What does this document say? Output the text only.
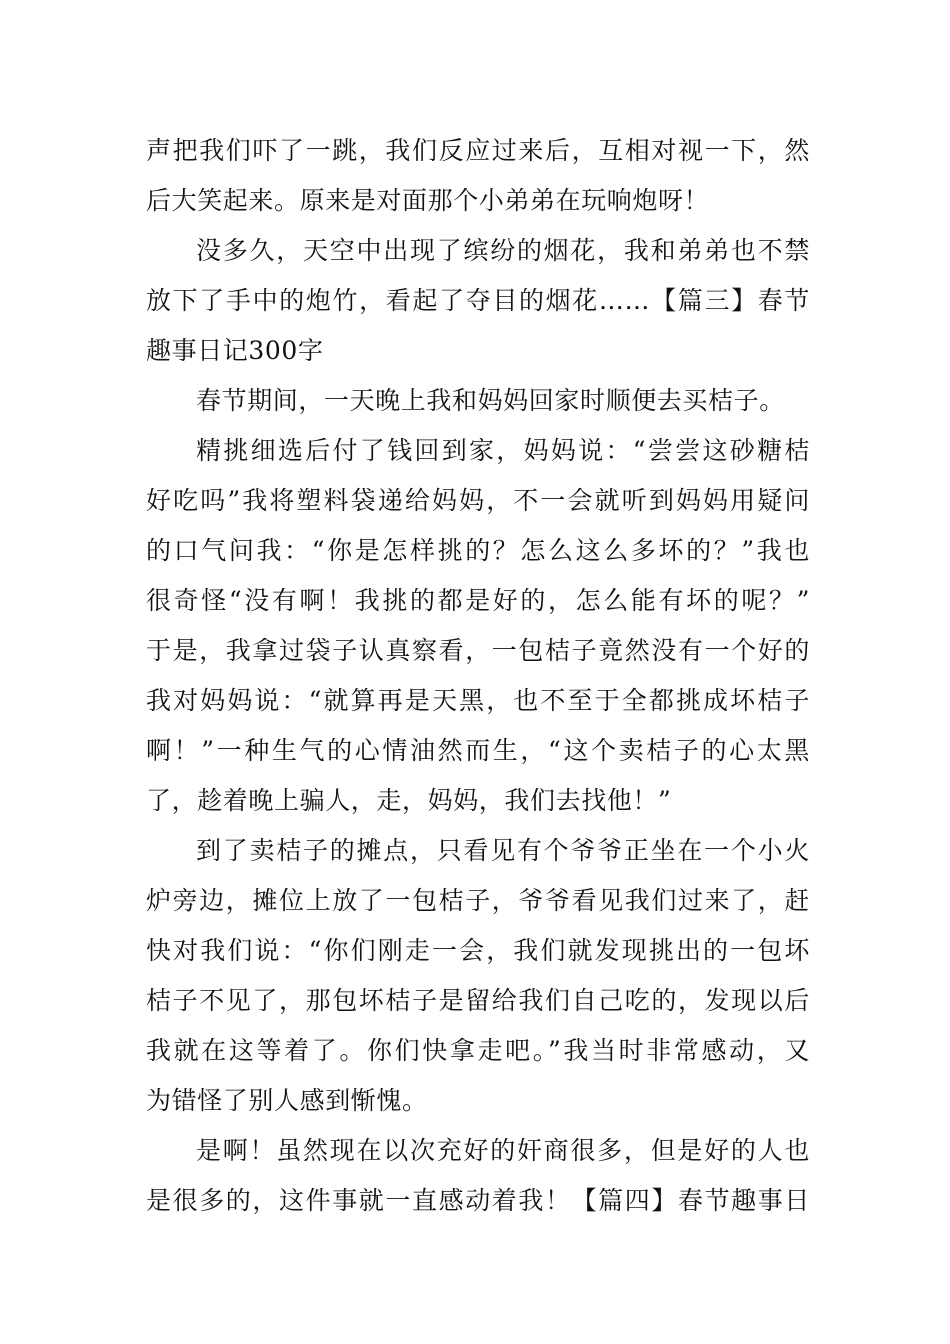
声把我们吓了一跳，我们反应过来后，互相对视一下，然
后大笑起来。原来是对面那个小弟弟在玩响炮呀！
没多久，天空中出现了缤纷的烟花，我和弟弟也不禁
放下了手中的炮竹，看起了夺目的烟花……【篇三】春节
趣事日记300字
春节期间，一天晚上我和妈妈回家时顺便去买桔子。
精挑细选后付了钱回到家，妈妈说：“尝尝这砂糖桔
好吃吗”我将塑料袋递给妈妈，不一会就听到妈妈用疑问
的口气问我：“你是怎样挑的？怎么这么多坏的？”我也
很奇怪“没有啊！我挑的都是好的，怎么能有坏的呢？”
于是，我拿过袋子认真察看，一包桔子竟然没有一个好的
我对妈妈说：“就算再是天黑，也不至于全都挑成坏桔子
啊！”一种生气的心情油然而生，“这个卖桔子的心太黑
了，趁着晚上骗人，走，妈妈，我们去找他！”
到了卖桔子的摊点，只看见有个爷爷正坐在一个小火
炉旁边，摊位上放了一包桔子，爷爷看见我们过来了，赶
快对我们说：“你们刚走一会，我们就发现挑出的一包坏
桔子不见了，那包坏桔子是留给我们自己吃的，发现以后
我就在这等着了。你们快拿走吧。”我当时非常感动，又
为错怪了别人感到惭愧。
是啊！虽然现在以次充好的奸商很多，但是好的人也
是很多的，这件事就一直感动着我！【篇四】春节趣事日
